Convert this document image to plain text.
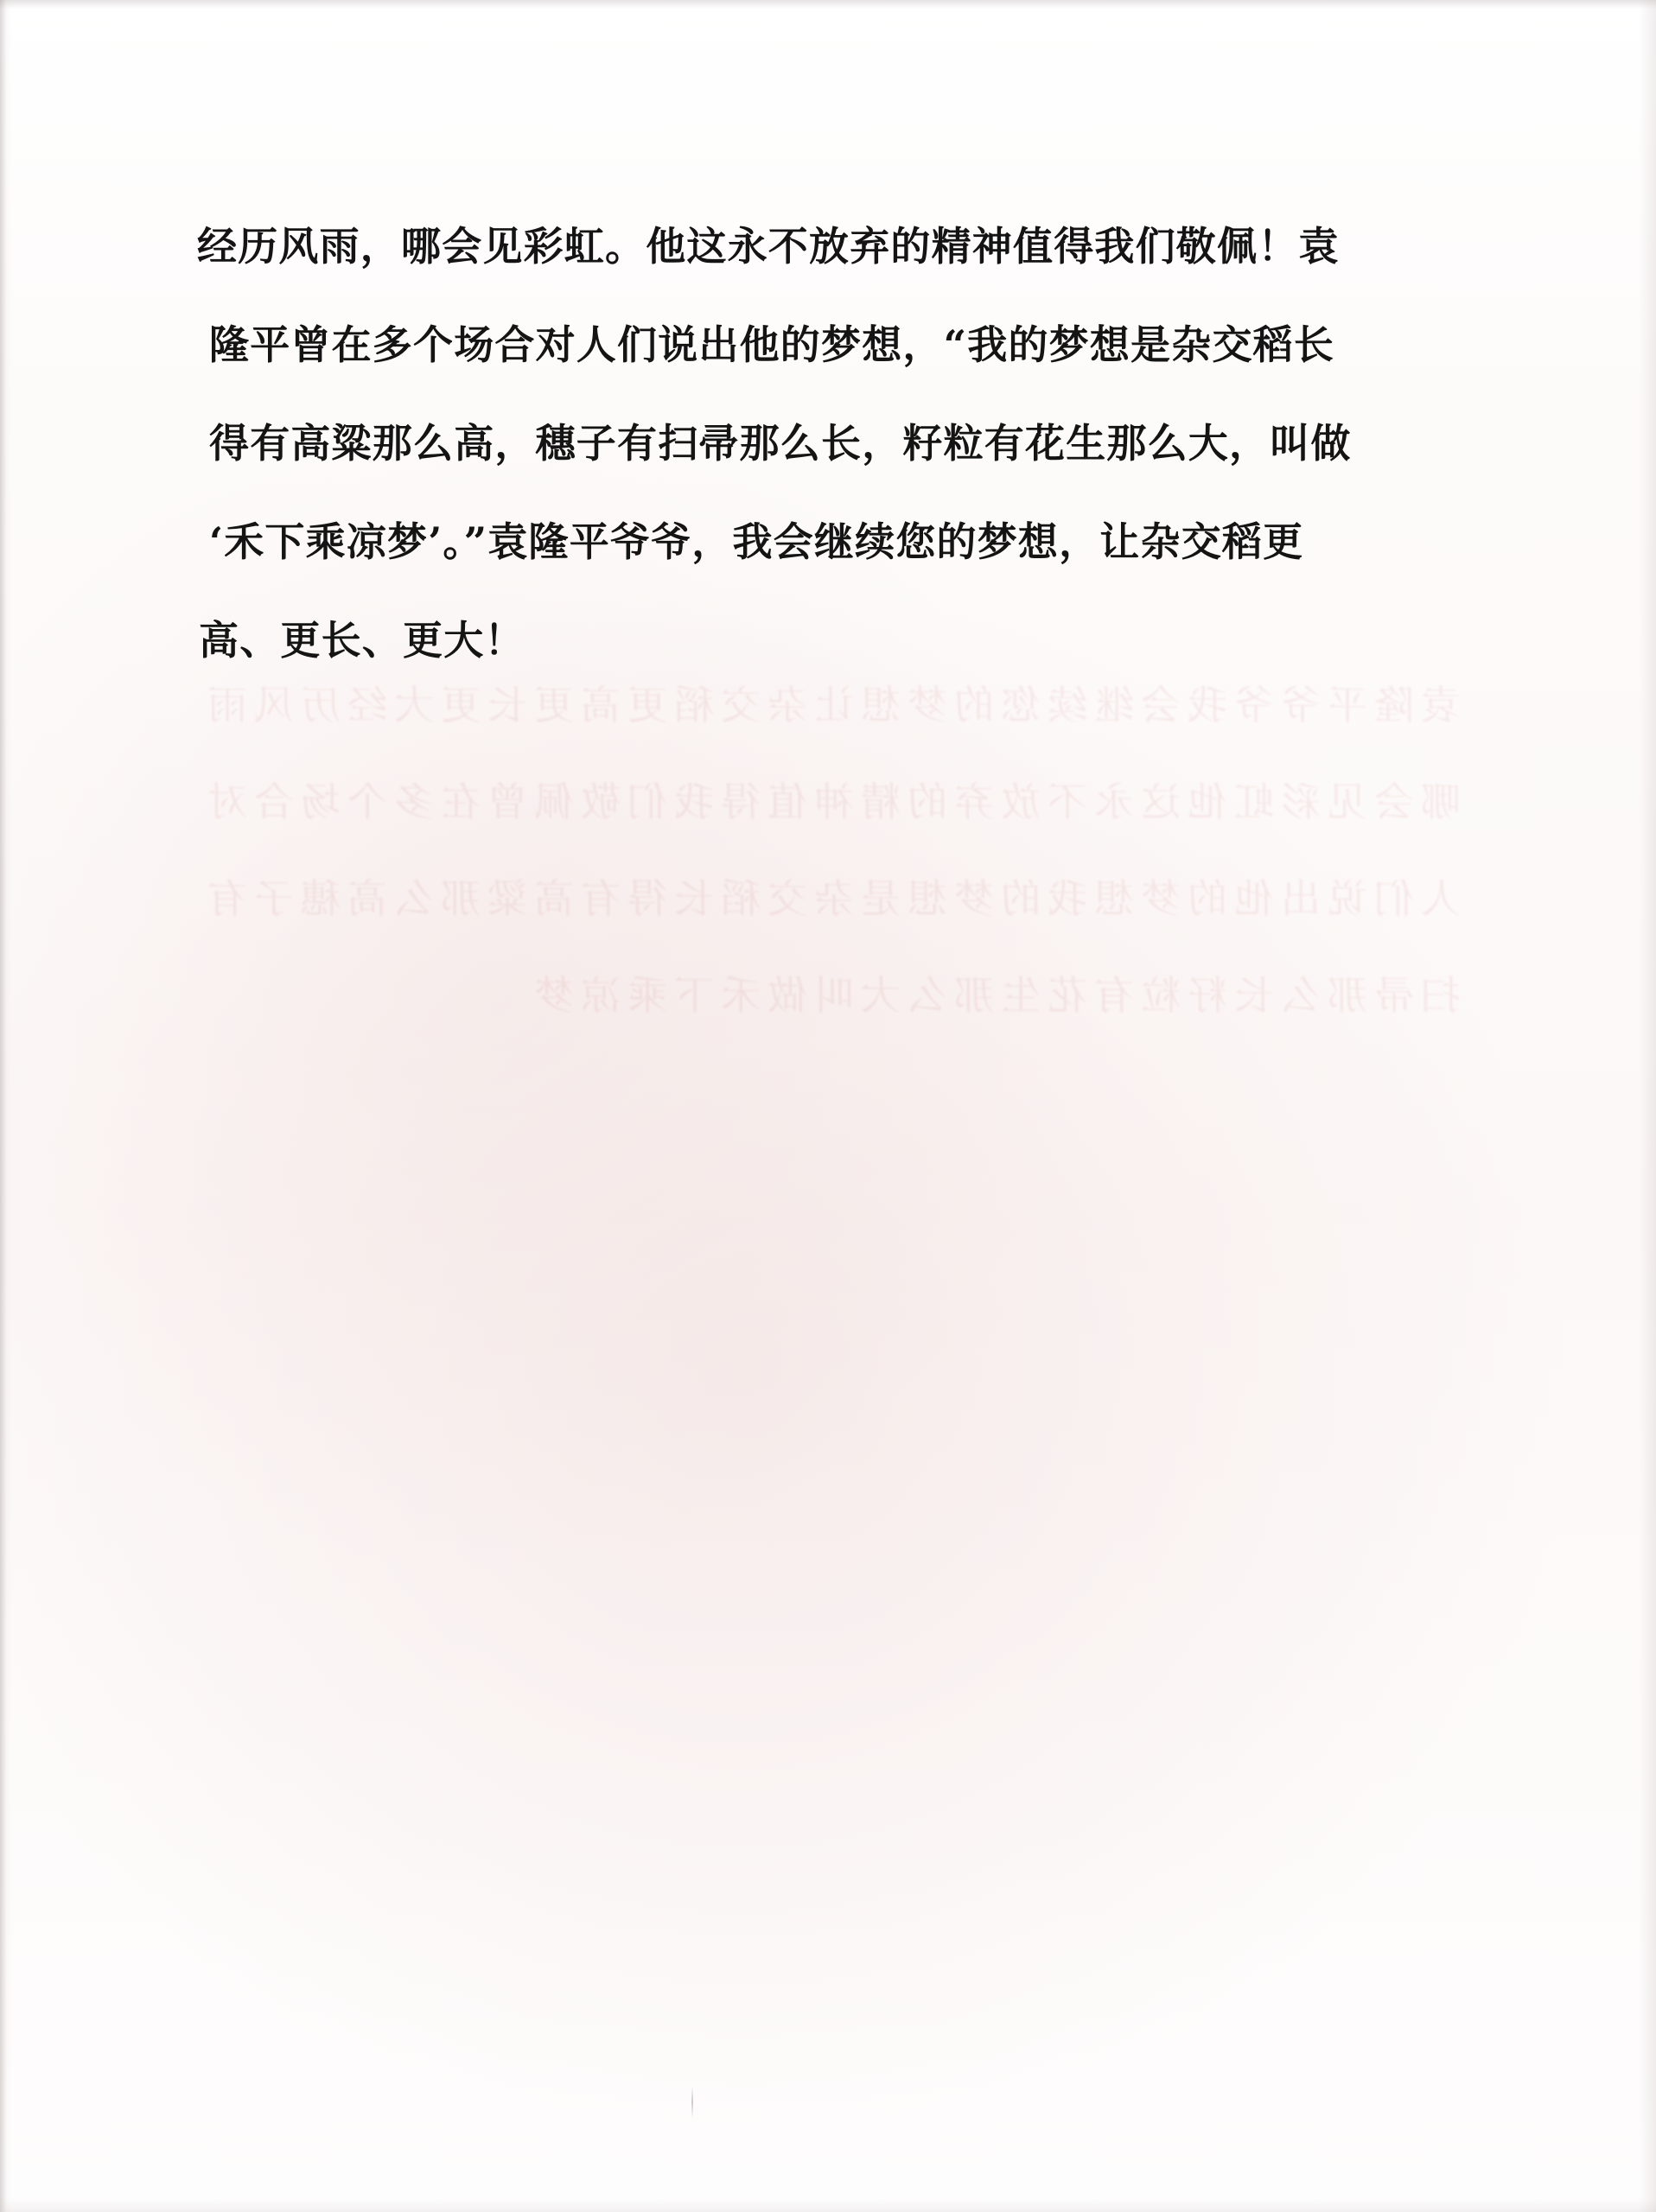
袁隆平爷爷我会继续您的梦想让杂交稻更高更长更大经历风雨哪会见彩虹他这永不放弃的精神值得我们敬佩曾在多个场合对人们说出他的梦想我的梦想是杂交稻长得有高粱那么高穗子有扫帚那么长籽粒有花生那么大叫做禾下乘凉梦

经历风雨，哪会见彩虹。他这永不放弃的精神值得我们敬佩！袁
隆平曾在多个场合对人们说出他的梦想，“我的梦想是杂交稻长
得有高粱那么高，穗子有扫帚那么长，籽粒有花生那么大，叫做
‘禾下乘凉梦’。”袁隆平爷爷，我会继续您的梦想，让杂交稻更
高、更长、更大！
